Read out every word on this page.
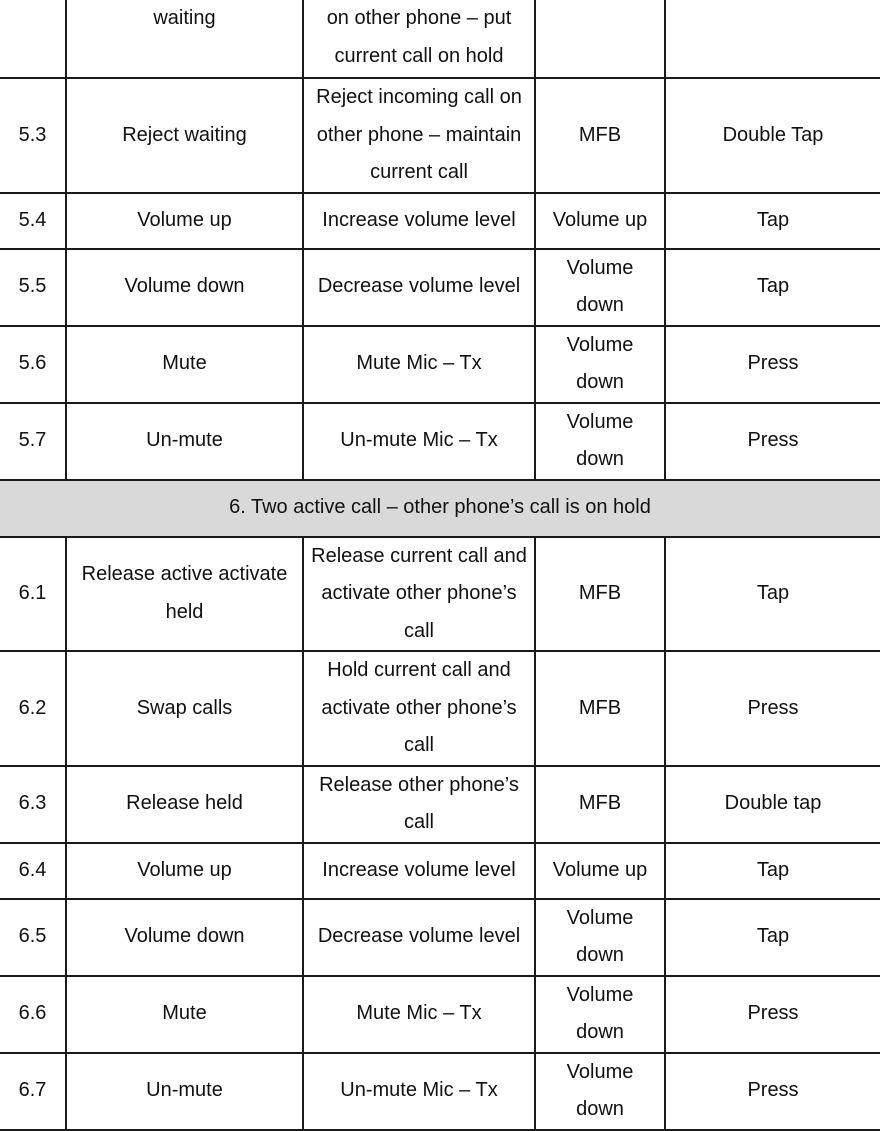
	waiting	on other phone – put current call on hold		
5.3	Reject waiting	Reject incoming call on other phone – maintain current call	MFB	Double Tap
5.4	Volume up	Increase volume level	Volume up	Tap
5.5	Volume down	Decrease volume level	Volume down	Tap
5.6	Mute	Mute Mic – Tx	Volume down	Press
5.7	Un-mute	Un-mute Mic – Tx	Volume down	Press
6. Two active call – other phone’s call is on hold				
6.1	Release active activate held	Release current call and activate other phone’s call	MFB	Tap
6.2	Swap calls	Hold current call and activate other phone’s call	MFB	Press
6.3	Release held	Release other phone’s call	MFB	Double tap
6.4	Volume up	Increase volume level	Volume up	Tap
6.5	Volume down	Decrease volume level	Volume down	Tap
6.6	Mute	Mute Mic – Tx	Volume down	Press
6.7	Un-mute	Un-mute Mic – Tx	Volume down	Press
